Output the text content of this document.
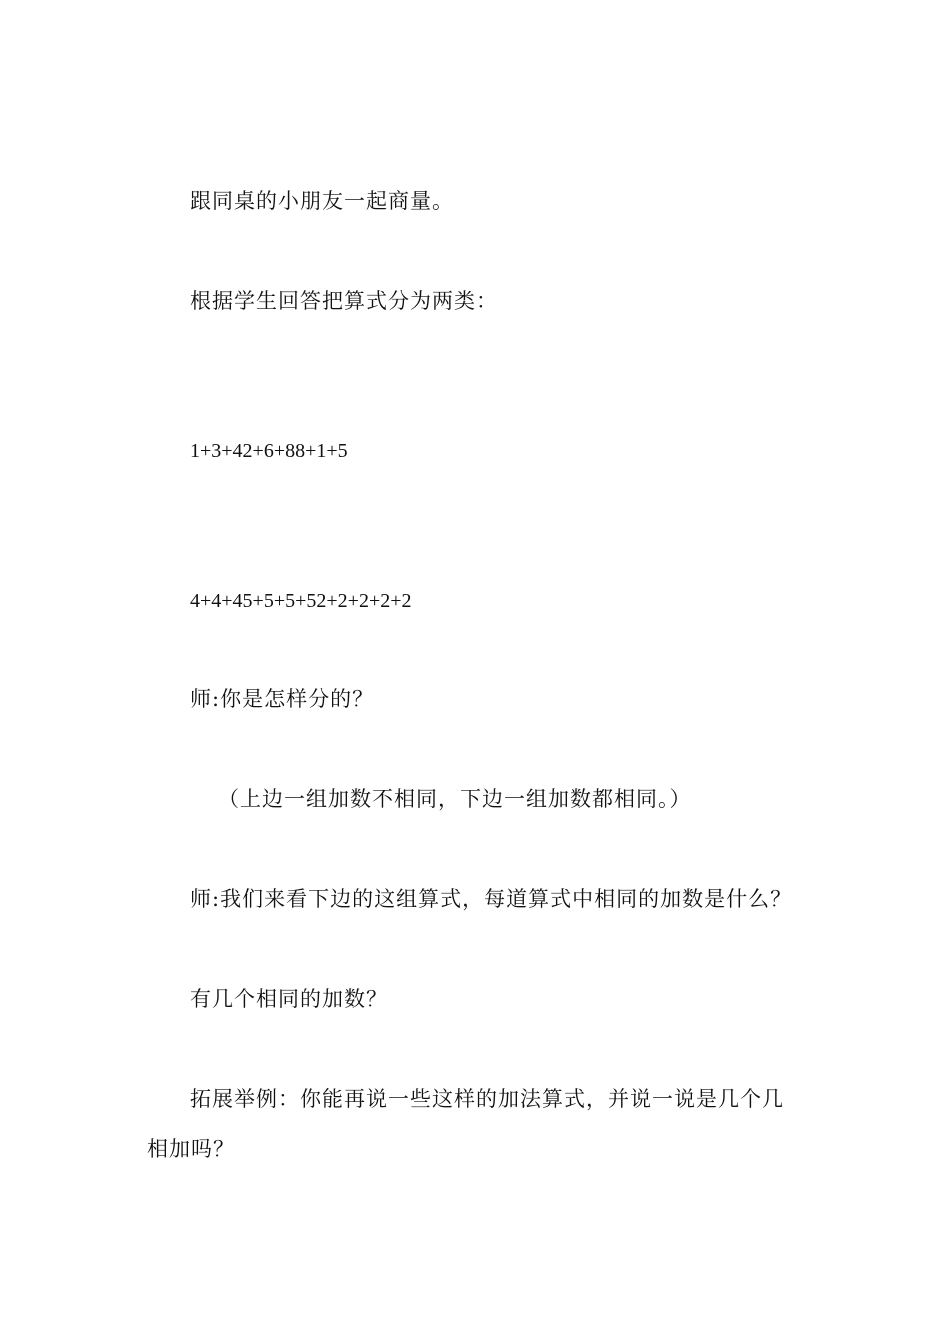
跟同桌的小朋友一起商量。
根据学生回答把算式分为两类：
1+3+42+6+88+1+5
4+4+45+5+5+52+2+2+2+2
师:你是怎样分的？
（上边一组加数不相同，下边一组加数都相同。）
师:我们来看下边的这组算式，每道算式中相同的加数是什么？
有几个相同的加数？
拓展举例：你能再说一些这样的加法算式，并说一说是几个几
相加吗？
